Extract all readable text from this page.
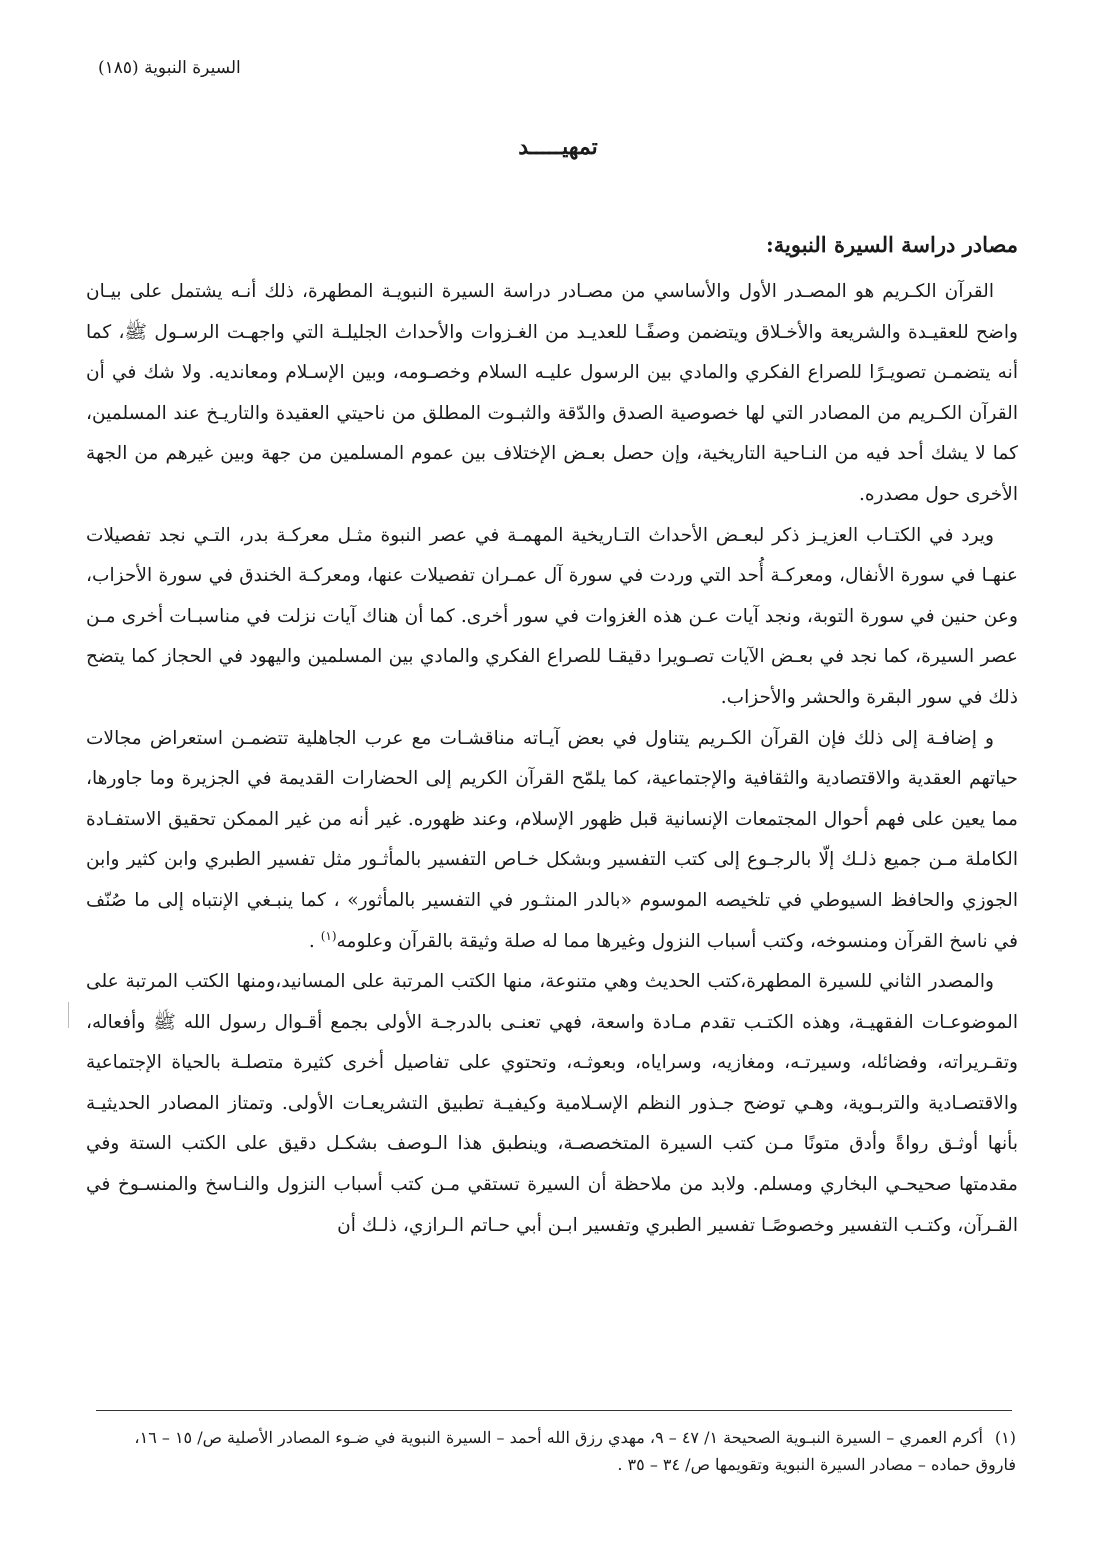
السيرة النبوية (١٨٥)
تمهيـــــد
مصادر دراسة السيرة النبوية:

القرآن الكـريم هو المصـدر الأول والأساسي من مصـادر دراسة السيرة النبويـة المطهرة، ذلك أنـه يشتمل على بيـان واضح للعقيـدة والشريعة والأخـلاق ويتضمن وصفًـا للعديـد من الغـزوات والأحداث الجليلـة التي واجهـت الرسـول ﷺ، كما أنه يتضمـن تصويـرًا للصراع الفكري والمادي بين الرسول عليـه السلام وخصـومه، وبين الإسـلام ومعانديه. ولا شك في أن القرآن الكـريم من المصادر التي لها خصوصية الصدق والدّقة والثبـوت المطلق من ناحيتي العقيدة والتاريـخ عند المسلمين، كما لا يشك أحد فيه من النـاحية التاريخية، وإن حصل بعـض الإختلاف بين عموم المسلمين من جهة وبين غيرهم من الجهة الأخرى حول مصدره.

ويرد في الكتـاب العزيـز ذكر لبعـض الأحداث التـاريخية المهمـة في عصر النبوة مثـل معركـة بدر، التـي نجد تفصيلات عنهـا في سورة الأنفال، ومعركـة أُحد التي وردت في سورة آل عمـران تفصيلات عنها، ومعركـة الخندق في سورة الأحزاب، وعن حنين في سورة التوبة، ونجد آيات عـن هذه الغزوات في سور أخرى. كما أن هناك آيات نزلت في مناسبـات أخرى مـن عصر السيرة، كما نجد في بعـض الآيات تصـويرا دقيقـا للصراع الفكري والمادي بين المسلمين واليهود في الحجاز كما يتضح ذلك في سور البقرة والحشر والأحزاب.

و إضافـة إلى ذلك فإن القرآن الكـريم يتناول في بعض آيـاته مناقشـات مع عرب الجاهلية تتضمـن استعراض مجالات حياتهم العقدية والاقتصادية والثقافية والإجتماعية، كما يلمّح القرآن الكريم إلى الحضارات القديمة في الجزيرة وما جاورها، مما يعين على فهم أحوال المجتمعات الإنسانية قبل ظهور الإسلام، وعند ظهوره. غير أنه من غير الممكن تحقيق الاستفـادة الكاملة مـن جميع ذلـك إلّا بالرجـوع إلى كتب التفسير وبشكل خـاص التفسير بالمأثـور مثل تفسير الطبري وابن كثير وابن الجوزي والحافظ السيوطي في تلخيصه الموسوم «بالدر المنثـور في التفسير بالمأثور» ، كما ينبـغي الإنتباه إلى ما صُنّف في ناسخ القرآن ومنسوخه، وكتب أسباب النزول وغيرها مما له صلة وثيقة بالقرآن وعلومه$^{(١)}$ .

والمصدر الثاني للسيرة المطهرة،كتب الحديث وهي متنوعة، منها الكتب المرتبة على المسانيد،ومنها الكتب المرتبة على الموضوعـات الفقهيـة، وهذه الكتـب تقدم مـادة واسعة، فهي تعنـى بالدرجـة الأولى بجمع أقـوال رسول الله ﷺ وأفعاله، وتقـريراته، وفضائله، وسيرتـه، ومغازيه، وسراياه، وبعوثـه، وتحتوي على تفاصيل أخرى كثيرة متصلـة بالحياة الإجتماعية والاقتصـادية والتربـوية، وهـي توضح جـذور النظم الإسـلامية وكيفيـة تطبيق التشريعـات الأولى. وتمتاز المصادر الحديثيـة بأنها أوثـق رواةً وأدق متونًا مـن كتب السيرة المتخصصـة، وينطبق هذا الـوصف بشكـل دقيق على الكتب الستة وفي مقدمتها صحيحـي البخاري ومسلم. ولابد من ملاحظة أن السيرة تستقي مـن كتب أسباب النزول والنـاسخ والمنسـوخ في القـرآن، وكتـب التفسير وخصوصًـا تفسير الطبري وتفسير ابـن أبي حـاتم الـرازي، ذلـك أن

(١)أكرم العمري – السيرة النبـوية الصحيحة ١/ ٤٧ – ٩، مهدي رزق الله أحمد – السيرة النبوية في ضـوء المصادر الأصلية ص/ ١٥ – ١٦، فاروق حماده – مصادر السيرة النبوية وتقويمها ص/ ٣٤ – ٣٥ .
